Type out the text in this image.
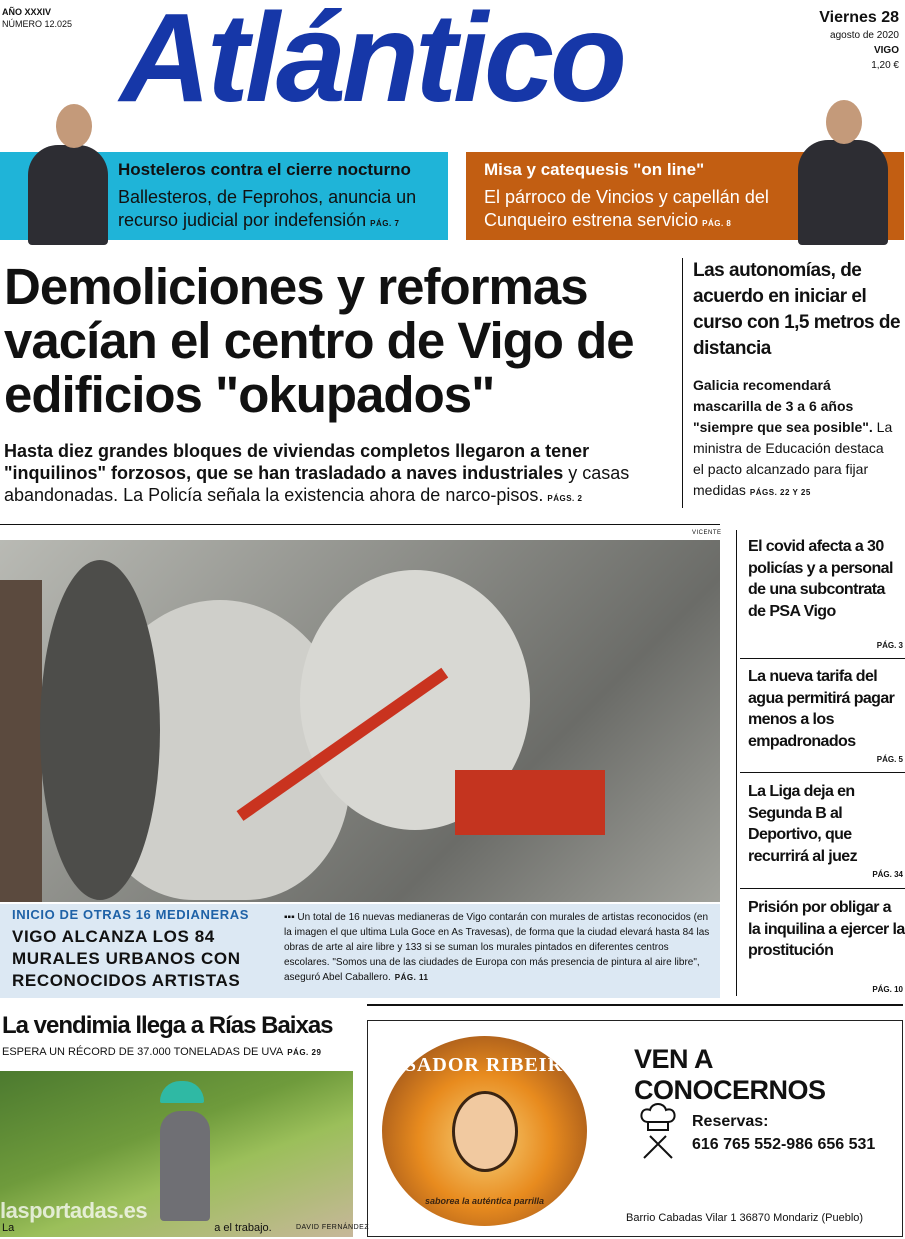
AÑO XXXIV
NÚMERO 12.025 Atlántico	Viernes 28
agosto de 2020
VIGO
1,20 €
Hosteleros contra el cierre nocturno
Ballesteros, de Feprohos, anuncia un recurso judicial por indefensión PÁG. 7
Misa y catequesis "on line"
El párroco de Vincios y capellán del Cunqueiro estrena servicio PÁG. 8
Demoliciones y reformas vacían el centro de Vigo de edificios "okupados"
Hasta diez grandes bloques de viviendas completos llegaron a tener "inquilinos" forzosos, que se han trasladado a naves industriales y casas abandonadas. La Policía señala la existencia ahora de narco-pisos. PÁGS. 2
Las autonomías, de acuerdo en iniciar el curso con 1,5 metros de distancia
Galicia recomendará mascarilla de 3 a 6 años "siempre que sea posible". La ministra de Educación destaca el pacto alcanzado para fijar medidas PÁGS. 22 Y 25
VICENTE
INICIO DE OTRAS 16 MEDIANERAS
VIGO ALCANZA LOS 84 MURALES URBANOS CON RECONOCIDOS ARTISTAS
▪▪▪ Un total de 16 nuevas medianeras de Vigo contarán con murales de artistas reconocidos (en la imagen el que ultima Lula Goce en As Travesas), de forma que la ciudad elevará hasta 84 las obras de arte al aire libre y 133 si se suman los murales pintados en diferentes centros escolares. "Somos una de las ciudades de Europa con más presencia de pintura al aire libre", aseguró Abel Caballero. PÁG. 11
El covid afecta a 30 policías y a personal de una subcontrata de PSA Vigo
PÁG. 3
La nueva tarifa del agua permitirá pagar menos a los empadronados
PÁG. 5
La Liga deja en Segunda B al Deportivo, que recurrirá al juez
PÁG. 34
Prisión por obligar a la inquilina a ejercer la prostitución
PÁG. 10
La vendimia llega a Rías Baixas
ESPERA UN RÉCORD DE 37.000 TONELADAS DE UVA PÁG. 29
lasportadas.es
La	a el trabajo.	DAVID FERNÁNDEZ
ASADOR RIBEIRO
saborea la auténtica parrilla
VEN A CONOCERNOS
Reservas:
616 765 552-986 656 531
Barrio Cabadas Vilar 1 36870 Mondariz (Pueblo)
